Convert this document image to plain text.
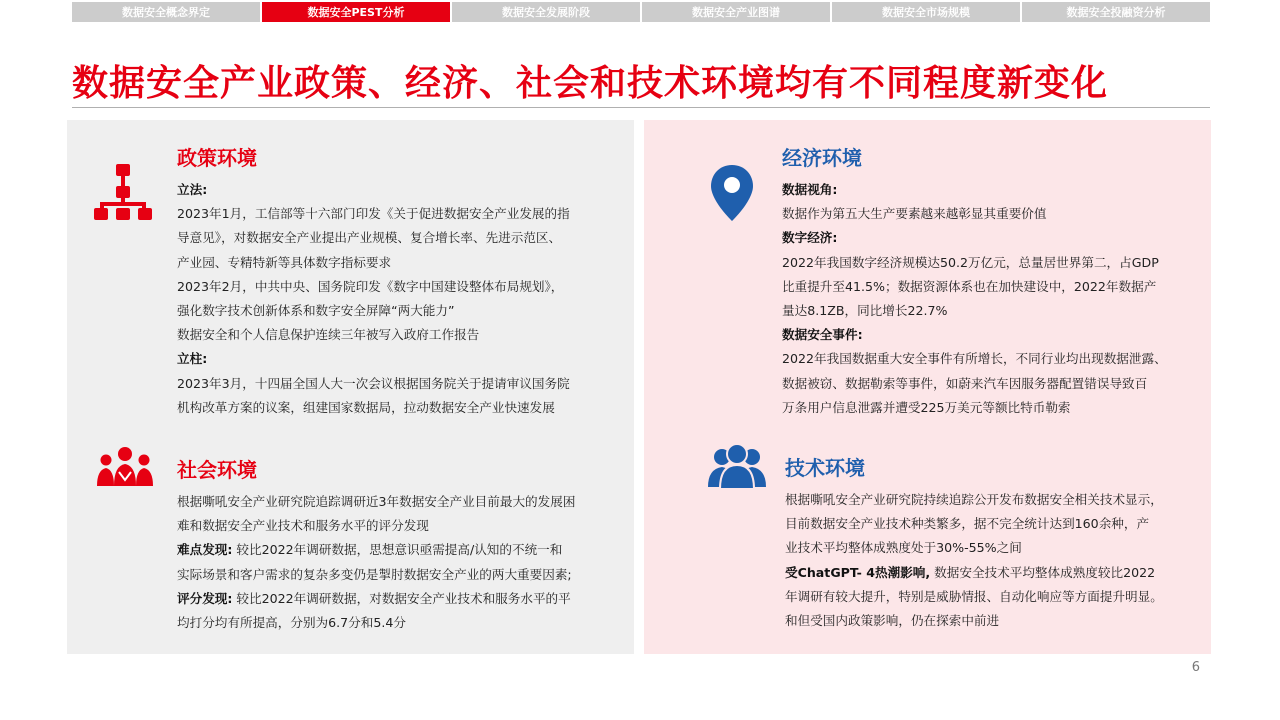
数据安全概念界定	数据安全PEST分析	数据安全发展阶段	数据安全产业图谱	数据安全市场规模	数据安全投融资分析
数据安全产业政策、经济、社会和技术环境均有不同程度新变化
政策环境
立法:
2023年1月，工信部等十六部门印发《关于促进数据安全产业发展的指
导意见》，对数据安全产业提出产业规模、复合增长率、先进示范区、
产业园、专精特新等具体数字指标要求
2023年2月，中共中央、国务院印发《数字中国建设整体布局规划》，
强化数字技术创新体系和数字安全屏障“两大能力”
数据安全和个人信息保护连续三年被写入政府工作报告
立柱:
2023年3月，十四届全国人大一次会议根据国务院关于提请审议国务院
机构改革方案的议案，组建国家数据局，拉动数据安全产业快速发展
社会环境
根据嘶吼安全产业研究院追踪调研近3年数据安全产业目前最大的发展困
难和数据安全产业技术和服务水平的评分发现
难点发现: 较比2022年调研数据，思想意识亟需提高/认知的不统一和
实际场景和客户需求的复杂多变仍是掣肘数据安全产业的两大重要因素;
评分发现: 较比2022年调研数据，对数据安全产业技术和服务水平的平
均打分均有所提高，分别为6.7分和5.4分
经济环境
数据视角:
数据作为第五大生产要素越来越彰显其重要价值
数字经济:
2022年我国数字经济规模达50.2万亿元，总量居世界第二，占GDP
比重提升至41.5%；数据资源体系也在加快建设中，2022年数据产
量达8.1ZB，同比增长22.7%
数据安全事件:
2022年我国数据重大安全事件有所增长，不同行业均出现数据泄露、
数据被窃、数据勒索等事件，如蔚来汽车因服务器配置错误导致百
万条用户信息泄露并遭受225万美元等额比特币勒索
技术环境
根据嘶吼安全产业研究院持续追踪公开发布数据安全相关技术显示，
目前数据安全产业技术种类繁多，据不完全统计达到160余种，产
业技术平均整体成熟度处于30%-55%之间
受ChatGPT- 4热潮影响, 数据安全技术平均整体成熟度较比2022
年调研有较大提升，特别是威胁情报、自动化响应等方面提升明显。
和但受国内政策影响，仍在探索中前进
6
